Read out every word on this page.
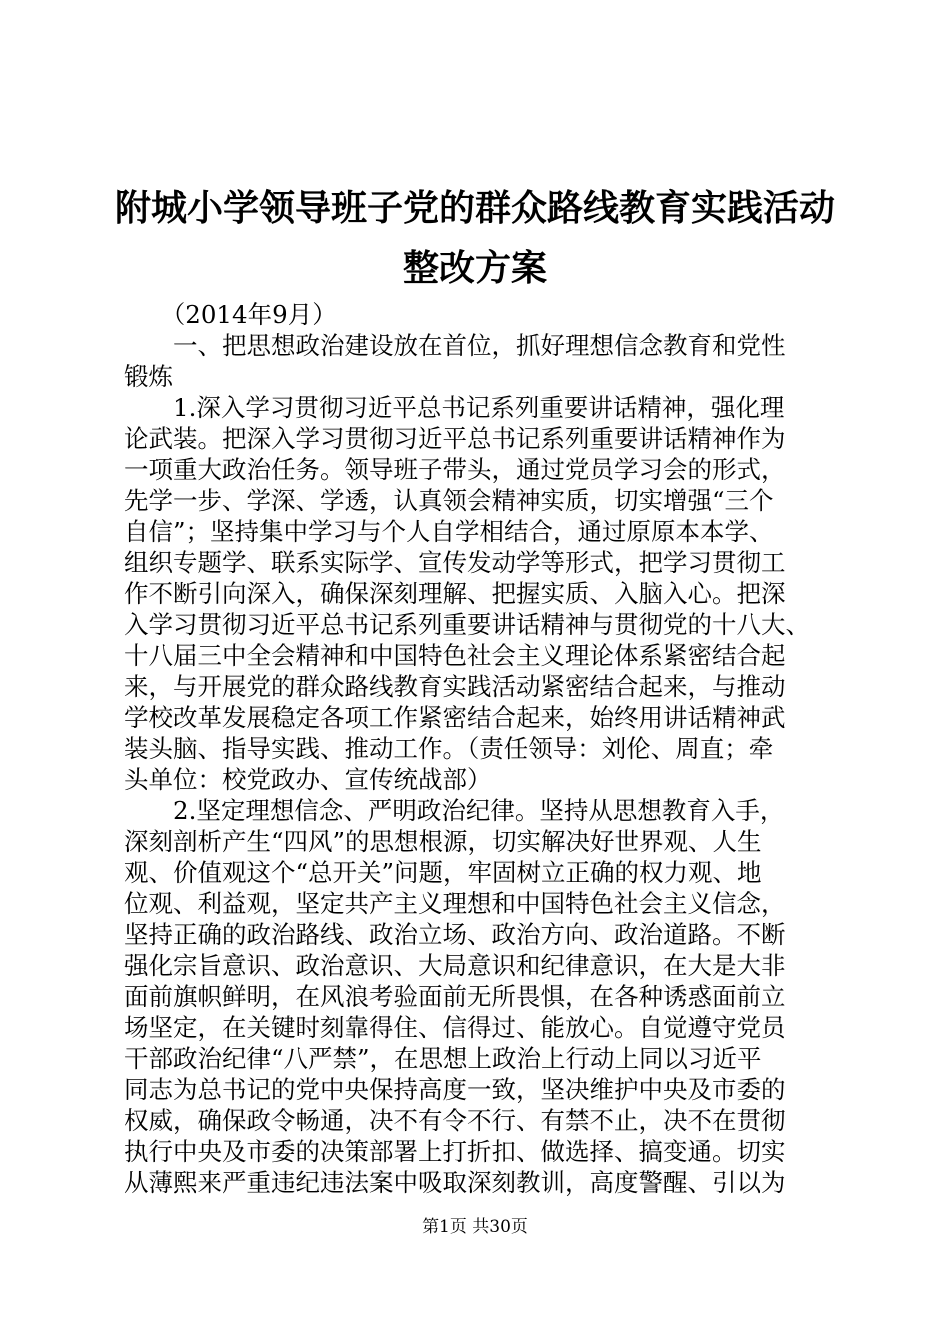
附城小学领导班子党的群众路线教育实践活动
整改方案
　　（2014年9月）
　　一、把思想政治建设放在首位，抓好理想信念教育和党性
锻炼
　　1.深入学习贯彻习近平总书记系列重要讲话精神，强化理
论武装。把深入学习贯彻习近平总书记系列重要讲话精神作为
一项重大政治任务。领导班子带头，通过党员学习会的形式，
先学一步、学深、学透，认真领会精神实质，切实增强“三个
自信”；坚持集中学习与个人自学相结合，通过原原本本学、
组织专题学、联系实际学、宣传发动学等形式，把学习贯彻工
作不断引向深入，确保深刻理解、把握实质、入脑入心。把深
入学习贯彻习近平总书记系列重要讲话精神与贯彻党的十八大、
十八届三中全会精神和中国特色社会主义理论体系紧密结合起
来，与开展党的群众路线教育实践活动紧密结合起来，与推动
学校改革发展稳定各项工作紧密结合起来，始终用讲话精神武
装头脑、指导实践、推动工作。（责任领导：刘伦、周直；牵
头单位：校党政办、宣传统战部）
　　2.坚定理想信念、严明政治纪律。坚持从思想教育入手，
深刻剖析产生“四风”的思想根源，切实解决好世界观、人生
观、价值观这个“总开关”问题，牢固树立正确的权力观、地
位观、利益观，坚定共产主义理想和中国特色社会主义信念，
坚持正确的政治路线、政治立场、政治方向、政治道路。不断
强化宗旨意识、政治意识、大局意识和纪律意识，在大是大非
面前旗帜鲜明，在风浪考验面前无所畏惧，在各种诱惑面前立
场坚定，在关键时刻靠得住、信得过、能放心。自觉遵守党员
干部政治纪律“八严禁”，在思想上政治上行动上同以习近平
同志为总书记的党中央保持高度一致，坚决维护中央及市委的
权威，确保政令畅通，决不有令不行、有禁不止，决不在贯彻
执行中央及市委的决策部署上打折扣、做选择、搞变通。切实
从薄熙来严重违纪违法案中吸取深刻教训，高度警醒、引以为
第1页 共30页
